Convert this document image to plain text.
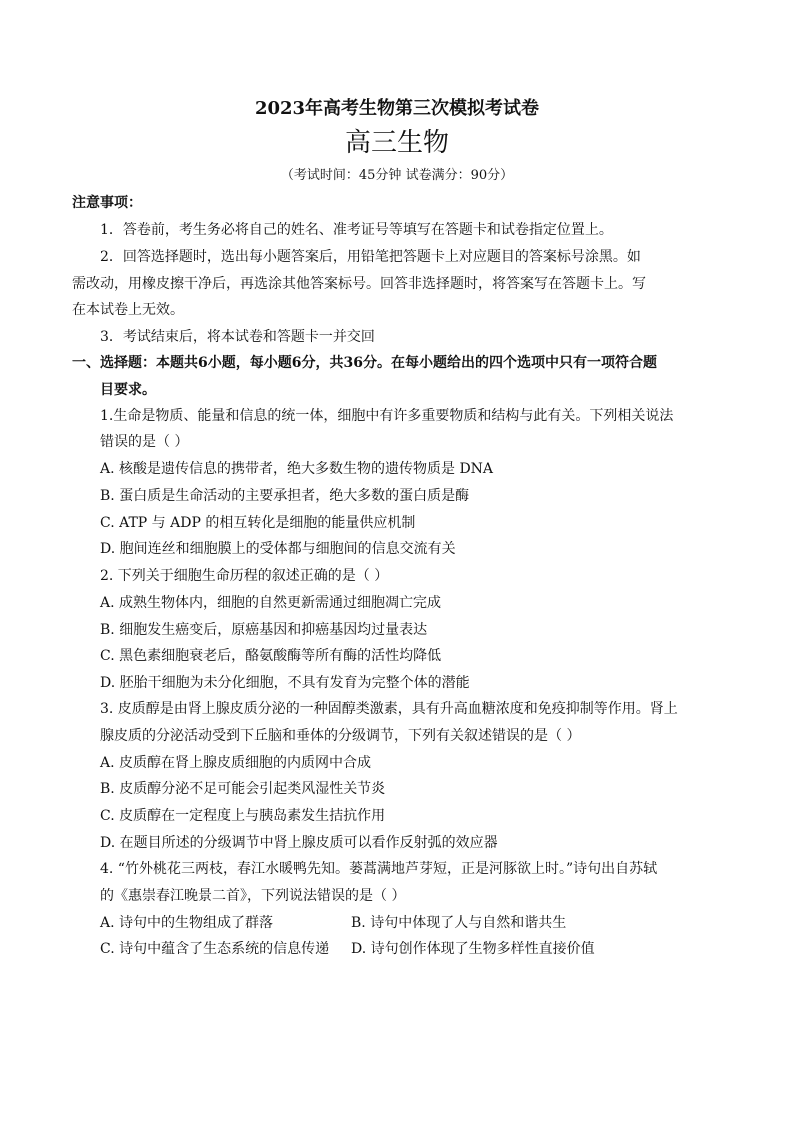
2023年高考生物第三次模拟考试卷
高三生物
（考试时间：45分钟 试卷满分：90分）
注意事项：
1．答卷前，考生务必将自己的姓名、准考证号等填写在答题卡和试卷指定位置上。
2．回答选择题时，选出每小题答案后，用铅笔把答题卡上对应题目的答案标号涂黑。如
需改动，用橡皮擦干净后，再选涂其他答案标号。回答非选择题时，将答案写在答题卡上。写
在本试卷上无效。
3．考试结束后，将本试卷和答题卡一并交回
一、选择题：本题共6小题，每小题6分，共36分。在每小题给出的四个选项中只有一项符合题
目要求。
1.生命是物质、能量和信息的统一体，细胞中有许多重要物质和结构与此有关。下列相关说法
错误的是（ ）
A. 核酸是遗传信息的携带者，绝大多数生物的遗传物质是 DNA
B. 蛋白质是生命活动的主要承担者，绝大多数的蛋白质是酶
C. ATP 与 ADP 的相互转化是细胞的能量供应机制
D. 胞间连丝和细胞膜上的受体都与细胞间的信息交流有关
2. 下列关于细胞生命历程的叙述正确的是（ ）
A. 成熟生物体内，细胞的自然更新需通过细胞凋亡完成
B. 细胞发生癌变后，原癌基因和抑癌基因均过量表达
C. 黑色素细胞衰老后，酪氨酸酶等所有酶的活性均降低
D. 胚胎干细胞为未分化细胞，不具有发育为完整个体的潜能
3. 皮质醇是由肾上腺皮质分泌的一种固醇类激素，具有升高血糖浓度和免疫抑制等作用。肾上
腺皮质的分泌活动受到下丘脑和垂体的分级调节，下列有关叙述错误的是（ ）
A. 皮质醇在肾上腺皮质细胞的内质网中合成
B. 皮质醇分泌不足可能会引起类风湿性关节炎
C. 皮质醇在一定程度上与胰岛素发生拮抗作用
D. 在题目所述的分级调节中肾上腺皮质可以看作反射弧的效应器
4. “竹外桃花三两枝，春江水暖鸭先知。蒌蒿满地芦芽短，正是河豚欲上时。”诗句出自苏轼
的《惠崇春江晚景二首》，下列说法错误的是（ ）
A. 诗句中的生物组成了群落	B. 诗句中体现了人与自然和谐共生
C. 诗句中蕴含了生态系统的信息传递 D. 诗句创作体现了生物多样性直接价值
